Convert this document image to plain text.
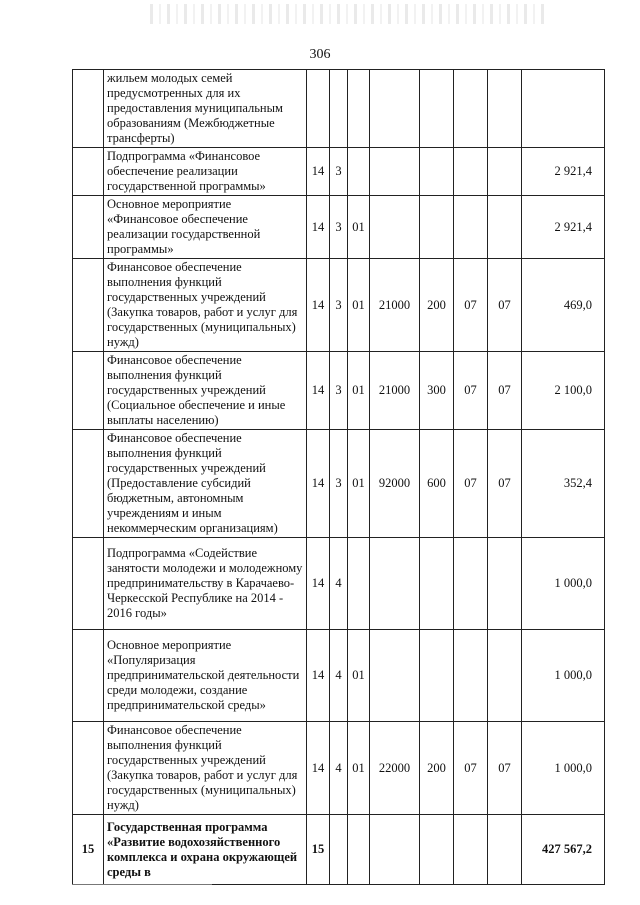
306
	жильем молодых семей предусмотренных для их предоставления муниципальным образованиям (Межбюджетные трансферты)								
	Подпрограмма «Финансовое обеспечение реализации государственной программы»	14	3						2 921,4
	Основное мероприятие «Финансовое обеспечение реализации государственной программы»	14	3	01					2 921,4
	Финансовое обеспечение выполнения функций государственных учреждений (Закупка товаров, работ и услуг для государственных (муниципальных) нужд)	14	3	01	21000	200	07	07	469,0
	Финансовое обеспечение выполнения функций государственных учреждений (Социальное обеспечение и иные выплаты населению)	14	3	01	21000	300	07	07	2 100,0
	Финансовое обеспечение выполнения функций государственных учреждений (Предоставление субсидий бюджетным, автономным учреждениям и иным некоммерческим организациям)	14	3	01	92000	600	07	07	352,4
	Подпрограмма «Содействие занятости молодежи и молодежному предпринимательству в Карачаево-Черкесской Республике на 2014 - 2016 годы»	14	4						1 000,0
	Основное мероприятие «Популяризация предпринимательской деятельности среди молодежи, создание предпринимательской среды»	14	4	01					1 000,0
	Финансовое обеспечение выполнения функций государственных учреждений (Закупка товаров, работ и услуг для государственных (муниципальных) нужд)	14	4	01	22000	200	07	07	1 000,0
15	Государственная программа «Развитие водохозяйственного комплекса и охрана окружающей среды в	15							427 567,2
